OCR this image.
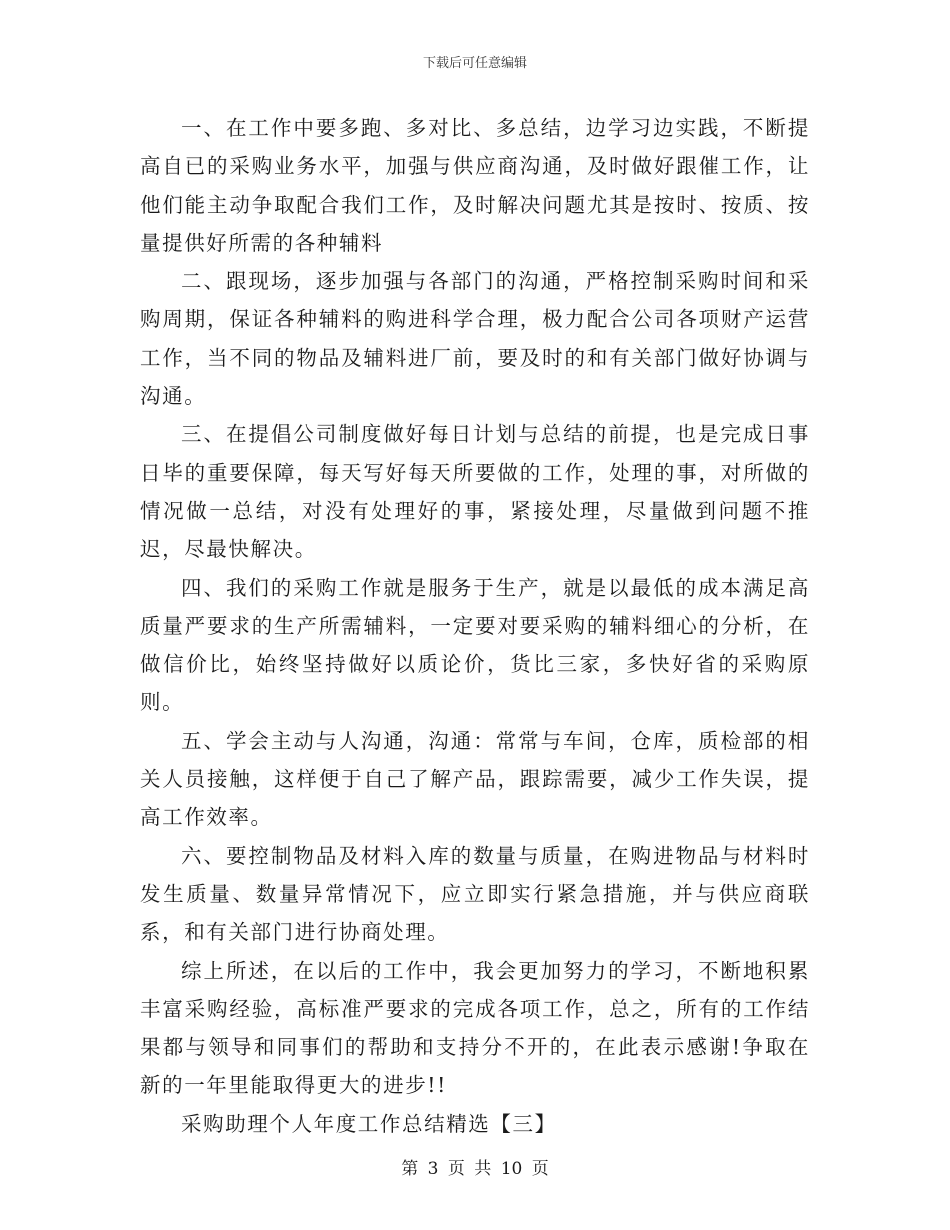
下载后可任意编辑

一、在工作中要多跑、多对比、多总结，边学习边实践，不断提高自已的采购业务水平，加强与供应商沟通，及时做好跟催工作，让他们能主动争取配合我们工作，及时解决问题尤其是按时、按质、按量提供好所需的各种辅料

二、跟现场，逐步加强与各部门的沟通，严格控制采购时间和采购周期，保证各种辅料的购进科学合理，极力配合公司各项财产运营工作，当不同的物品及辅料进厂前，要及时的和有关部门做好协调与沟通。

三、在提倡公司制度做好每日计划与总结的前提，也是完成日事日毕的重要保障，每天写好每天所要做的工作，处理的事，对所做的情况做一总结，对没有处理好的事，紧接处理，尽量做到问题不推迟，尽最快解决。

四、我们的采购工作就是服务于生产，就是以最低的成本满足高质量严要求的生产所需辅料，一定要对要采购的辅料细心的分析，在做信价比，始终坚持做好以质论价，货比三家，多快好省的采购原则。

五、学会主动与人沟通，沟通：常常与车间，仓库，质检部的相关人员接触，这样便于自己了解产品，跟踪需要，减少工作失误，提高工作效率。

六、要控制物品及材料入库的数量与质量，在购进物品与材料时发生质量、数量异常情况下，应立即实行紧急措施，并与供应商联系，和有关部门进行协商处理。

综上所述，在以后的工作中，我会更加努力的学习，不断地积累丰富采购经验，高标准严要求的完成各项工作，总之，所有的工作结果都与领导和同事们的帮助和支持分不开的，在此表示感谢!争取在新的一年里能取得更大的进步!!

采购助理个人年度工作总结精选【三】

第 3 页 共 10 页
